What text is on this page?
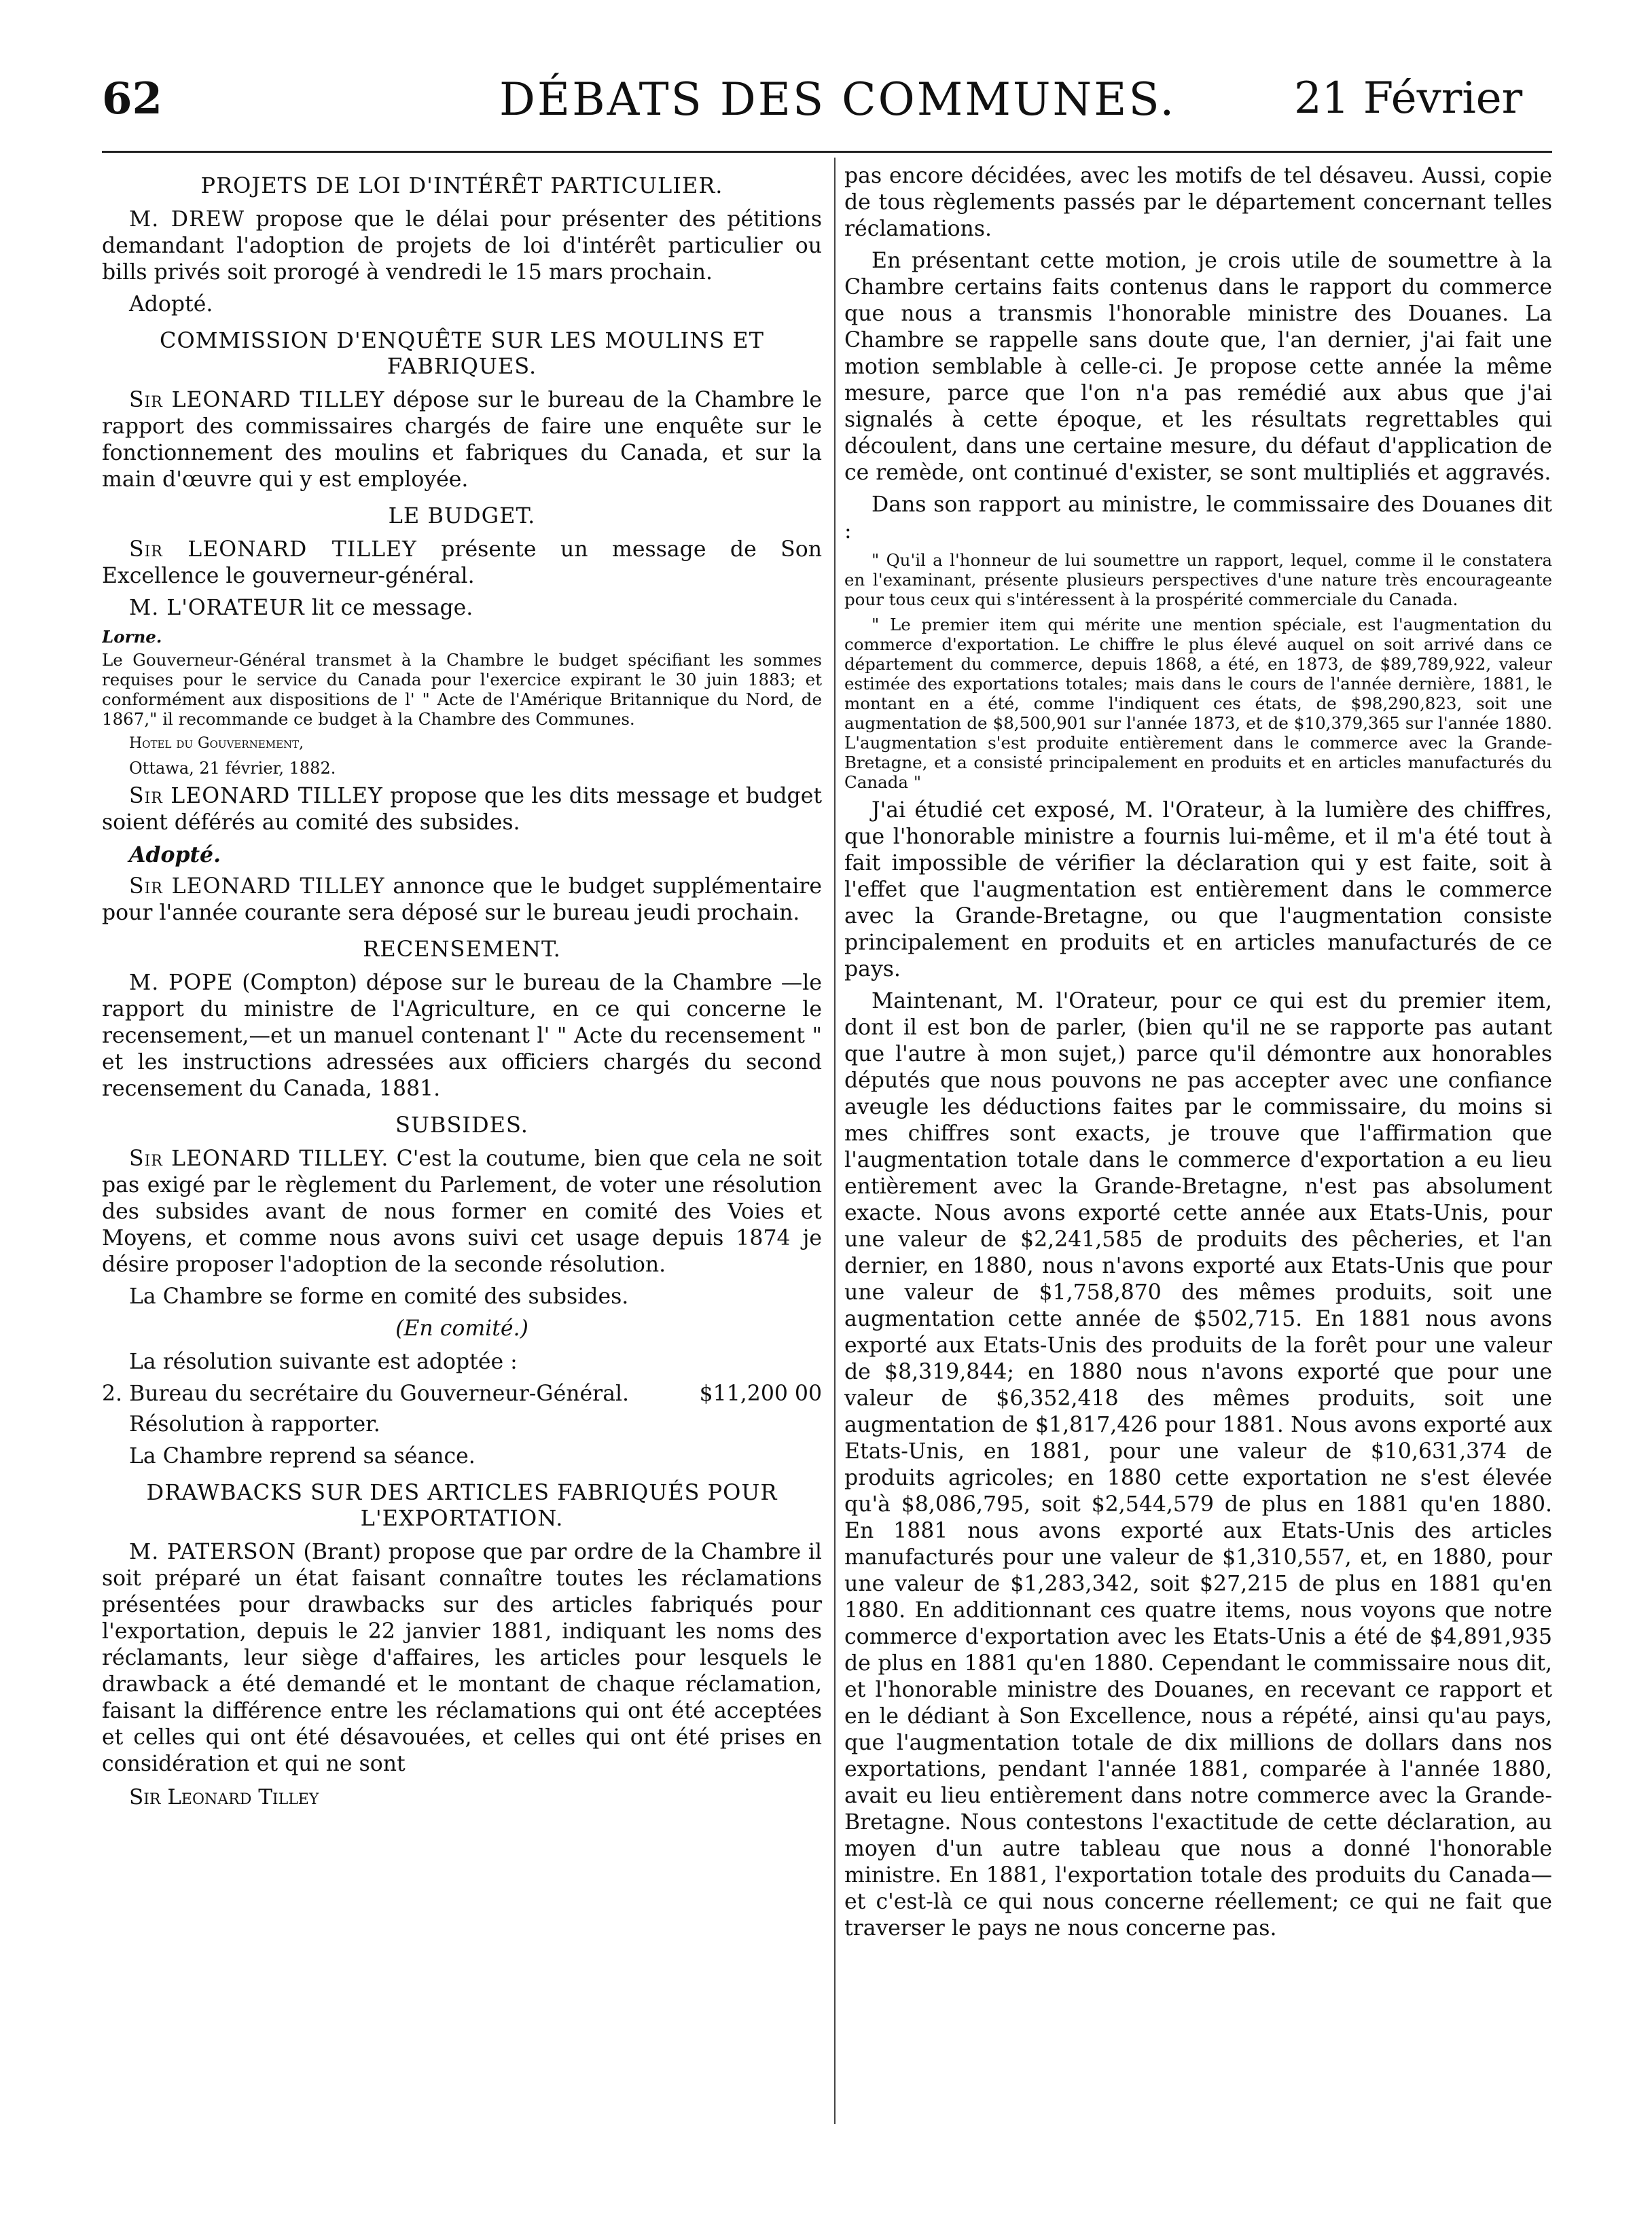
62	DÉBATS DES COMMUNES.	21 Février
PROJETS DE LOI D'INTÉRÊT PARTICULIER.

M. DREW propose que le délai pour présenter des pétitions demandant l'adoption de projets de loi d'intérêt particulier ou bills privés soit prorogé à vendredi le 15 mars prochain.

Adopté.

COMMISSION D'ENQUÊTE SUR LES MOULINS ET FABRIQUES.

Sir LEONARD TILLEY dépose sur le bureau de la Chambre le rapport des commissaires chargés de faire une enquête sur le fonctionnement des moulins et fabriques du Canada, et sur la main d'œuvre qui y est employée.

LE BUDGET.

Sir LEONARD TILLEY présente un message de Son Excellence le gouverneur-général.

M. L'ORATEUR lit ce message.

Lorne.

Le Gouverneur-Général transmet à la Chambre le budget spécifiant les sommes requises pour le service du Canada pour l'exercice expirant le 30 juin 1883; et conformément aux dispositions de l' " Acte de l'Amérique Britannique du Nord, de 1867," il recommande ce budget à la Chambre des Communes.

Hotel du Gouvernement,

Ottawa, 21 février, 1882.

Sir LEONARD TILLEY propose que les dits message et budget soient déférés au comité des subsides.

Adopté.

Sir LEONARD TILLEY annonce que le budget supplémentaire pour l'année courante sera déposé sur le bureau jeudi prochain.

RECENSEMENT.

M. POPE (Compton) dépose sur le bureau de la Chambre —le rapport du ministre de l'Agriculture, en ce qui concerne le recensement,—et un manuel contenant l' " Acte du recensement " et les instructions adressées aux officiers chargés du second recensement du Canada, 1881.

SUBSIDES.

Sir LEONARD TILLEY. C'est la coutume, bien que cela ne soit pas exigé par le règlement du Parlement, de voter une résolution des subsides avant de nous former en comité des Voies et Moyens, et comme nous avons suivi cet usage depuis 1874 je désire proposer l'adoption de la seconde résolution.

La Chambre se forme en comité des subsides.

(En comité.)

La résolution suivante est adoptée :

2. Bureau du secrétaire du Gouverneur-Général.	$11,200 00

Résolution à rapporter.

La Chambre reprend sa séance.

DRAWBACKS SUR DES ARTICLES FABRIQUÉS POUR L'EXPORTATION.

M. PATERSON (Brant) propose que par ordre de la Chambre il soit préparé un état faisant connaître toutes les réclamations présentées pour drawbacks sur des articles fabriqués pour l'exportation, depuis le 22 janvier 1881, indiquant les noms des réclamants, leur siège d'affaires, les articles pour lesquels le drawback a été demandé et le montant de chaque réclamation, faisant la différence entre les réclamations qui ont été acceptées et celles qui ont été désavouées, et celles qui ont été prises en considération et qui ne sont

Sir Leonard Tilley

pas encore décidées, avec les motifs de tel désaveu. Aussi, copie de tous règlements passés par le département concernant telles réclamations.

En présentant cette motion, je crois utile de soumettre à la Chambre certains faits contenus dans le rapport du commerce que nous a transmis l'honorable ministre des Douanes. La Chambre se rappelle sans doute que, l'an dernier, j'ai fait une motion semblable à celle-ci. Je propose cette année la même mesure, parce que l'on n'a pas remédié aux abus que j'ai signalés à cette époque, et les résultats regrettables qui découlent, dans une certaine mesure, du défaut d'application de ce remède, ont continué d'exister, se sont multipliés et aggravés.

Dans son rapport au ministre, le commissaire des Douanes dit :

" Qu'il a l'honneur de lui soumettre un rapport, lequel, comme il le constatera en l'examinant, présente plusieurs perspectives d'une nature très encourageante pour tous ceux qui s'intéressent à la prospérité commerciale du Canada.

" Le premier item qui mérite une mention spéciale, est l'augmentation du commerce d'exportation. Le chiffre le plus élevé auquel on soit arrivé dans ce département du commerce, depuis 1868, a été, en 1873, de $89,789,922, valeur estimée des exportations totales; mais dans le cours de l'année dernière, 1881, le montant en a été, comme l'indiquent ces états, de $98,290,823, soit une augmentation de $8,500,901 sur l'année 1873, et de $10,379,365 sur l'année 1880. L'augmentation s'est produite entièrement dans le commerce avec la Grande-Bretagne, et a consisté principalement en produits et en articles manufacturés du Canada "

J'ai étudié cet exposé, M. l'Orateur, à la lumière des chiffres, que l'honorable ministre a fournis lui-même, et il m'a été tout à fait impossible de vérifier la déclaration qui y est faite, soit à l'effet que l'augmentation est entièrement dans le commerce avec la Grande-Bretagne, ou que l'augmentation consiste principalement en produits et en articles manufacturés de ce pays.

Maintenant, M. l'Orateur, pour ce qui est du premier item, dont il est bon de parler, (bien qu'il ne se rapporte pas autant que l'autre à mon sujet,) parce qu'il démontre aux honorables députés que nous pouvons ne pas accepter avec une confiance aveugle les déductions faites par le commissaire, du moins si mes chiffres sont exacts, je trouve que l'affirmation que l'augmentation totale dans le commerce d'exportation a eu lieu entièrement avec la Grande-Bretagne, n'est pas absolument exacte. Nous avons exporté cette année aux Etats-Unis, pour une valeur de $2,241,585 de produits des pêcheries, et l'an dernier, en 1880, nous n'avons exporté aux Etats-Unis que pour une valeur de $1,758,870 des mêmes produits, soit une augmentation cette année de $502,715. En 1881 nous avons exporté aux Etats-Unis des produits de la forêt pour une valeur de $8,319,844; en 1880 nous n'avons exporté que pour une valeur de $6,352,418 des mêmes produits, soit une augmentation de $1,817,426 pour 1881. Nous avons exporté aux Etats-Unis, en 1881, pour une valeur de $10,631,374 de produits agricoles; en 1880 cette exportation ne s'est élevée qu'à $8,086,795, soit $2,544,579 de plus en 1881 qu'en 1880. En 1881 nous avons exporté aux Etats-Unis des articles manufacturés pour une valeur de $1,310,557, et, en 1880, pour une valeur de $1,283,342, soit $27,215 de plus en 1881 qu'en 1880. En additionnant ces quatre items, nous voyons que notre commerce d'exportation avec les Etats-Unis a été de $4,891,935 de plus en 1881 qu'en 1880. Cependant le commissaire nous dit, et l'honorable ministre des Douanes, en recevant ce rapport et en le dédiant à Son Excellence, nous a répété, ainsi qu'au pays, que l'augmentation totale de dix millions de dollars dans nos exportations, pendant l'année 1881, comparée à l'année 1880, avait eu lieu entièrement dans notre commerce avec la Grande-Bretagne. Nous contestons l'exactitude de cette déclaration, au moyen d'un autre tableau que nous a donné l'honorable ministre. En 1881, l'exportation totale des produits du Canada—et c'est-là ce qui nous concerne réellement; ce qui ne fait que traverser le pays ne nous concerne pas.
